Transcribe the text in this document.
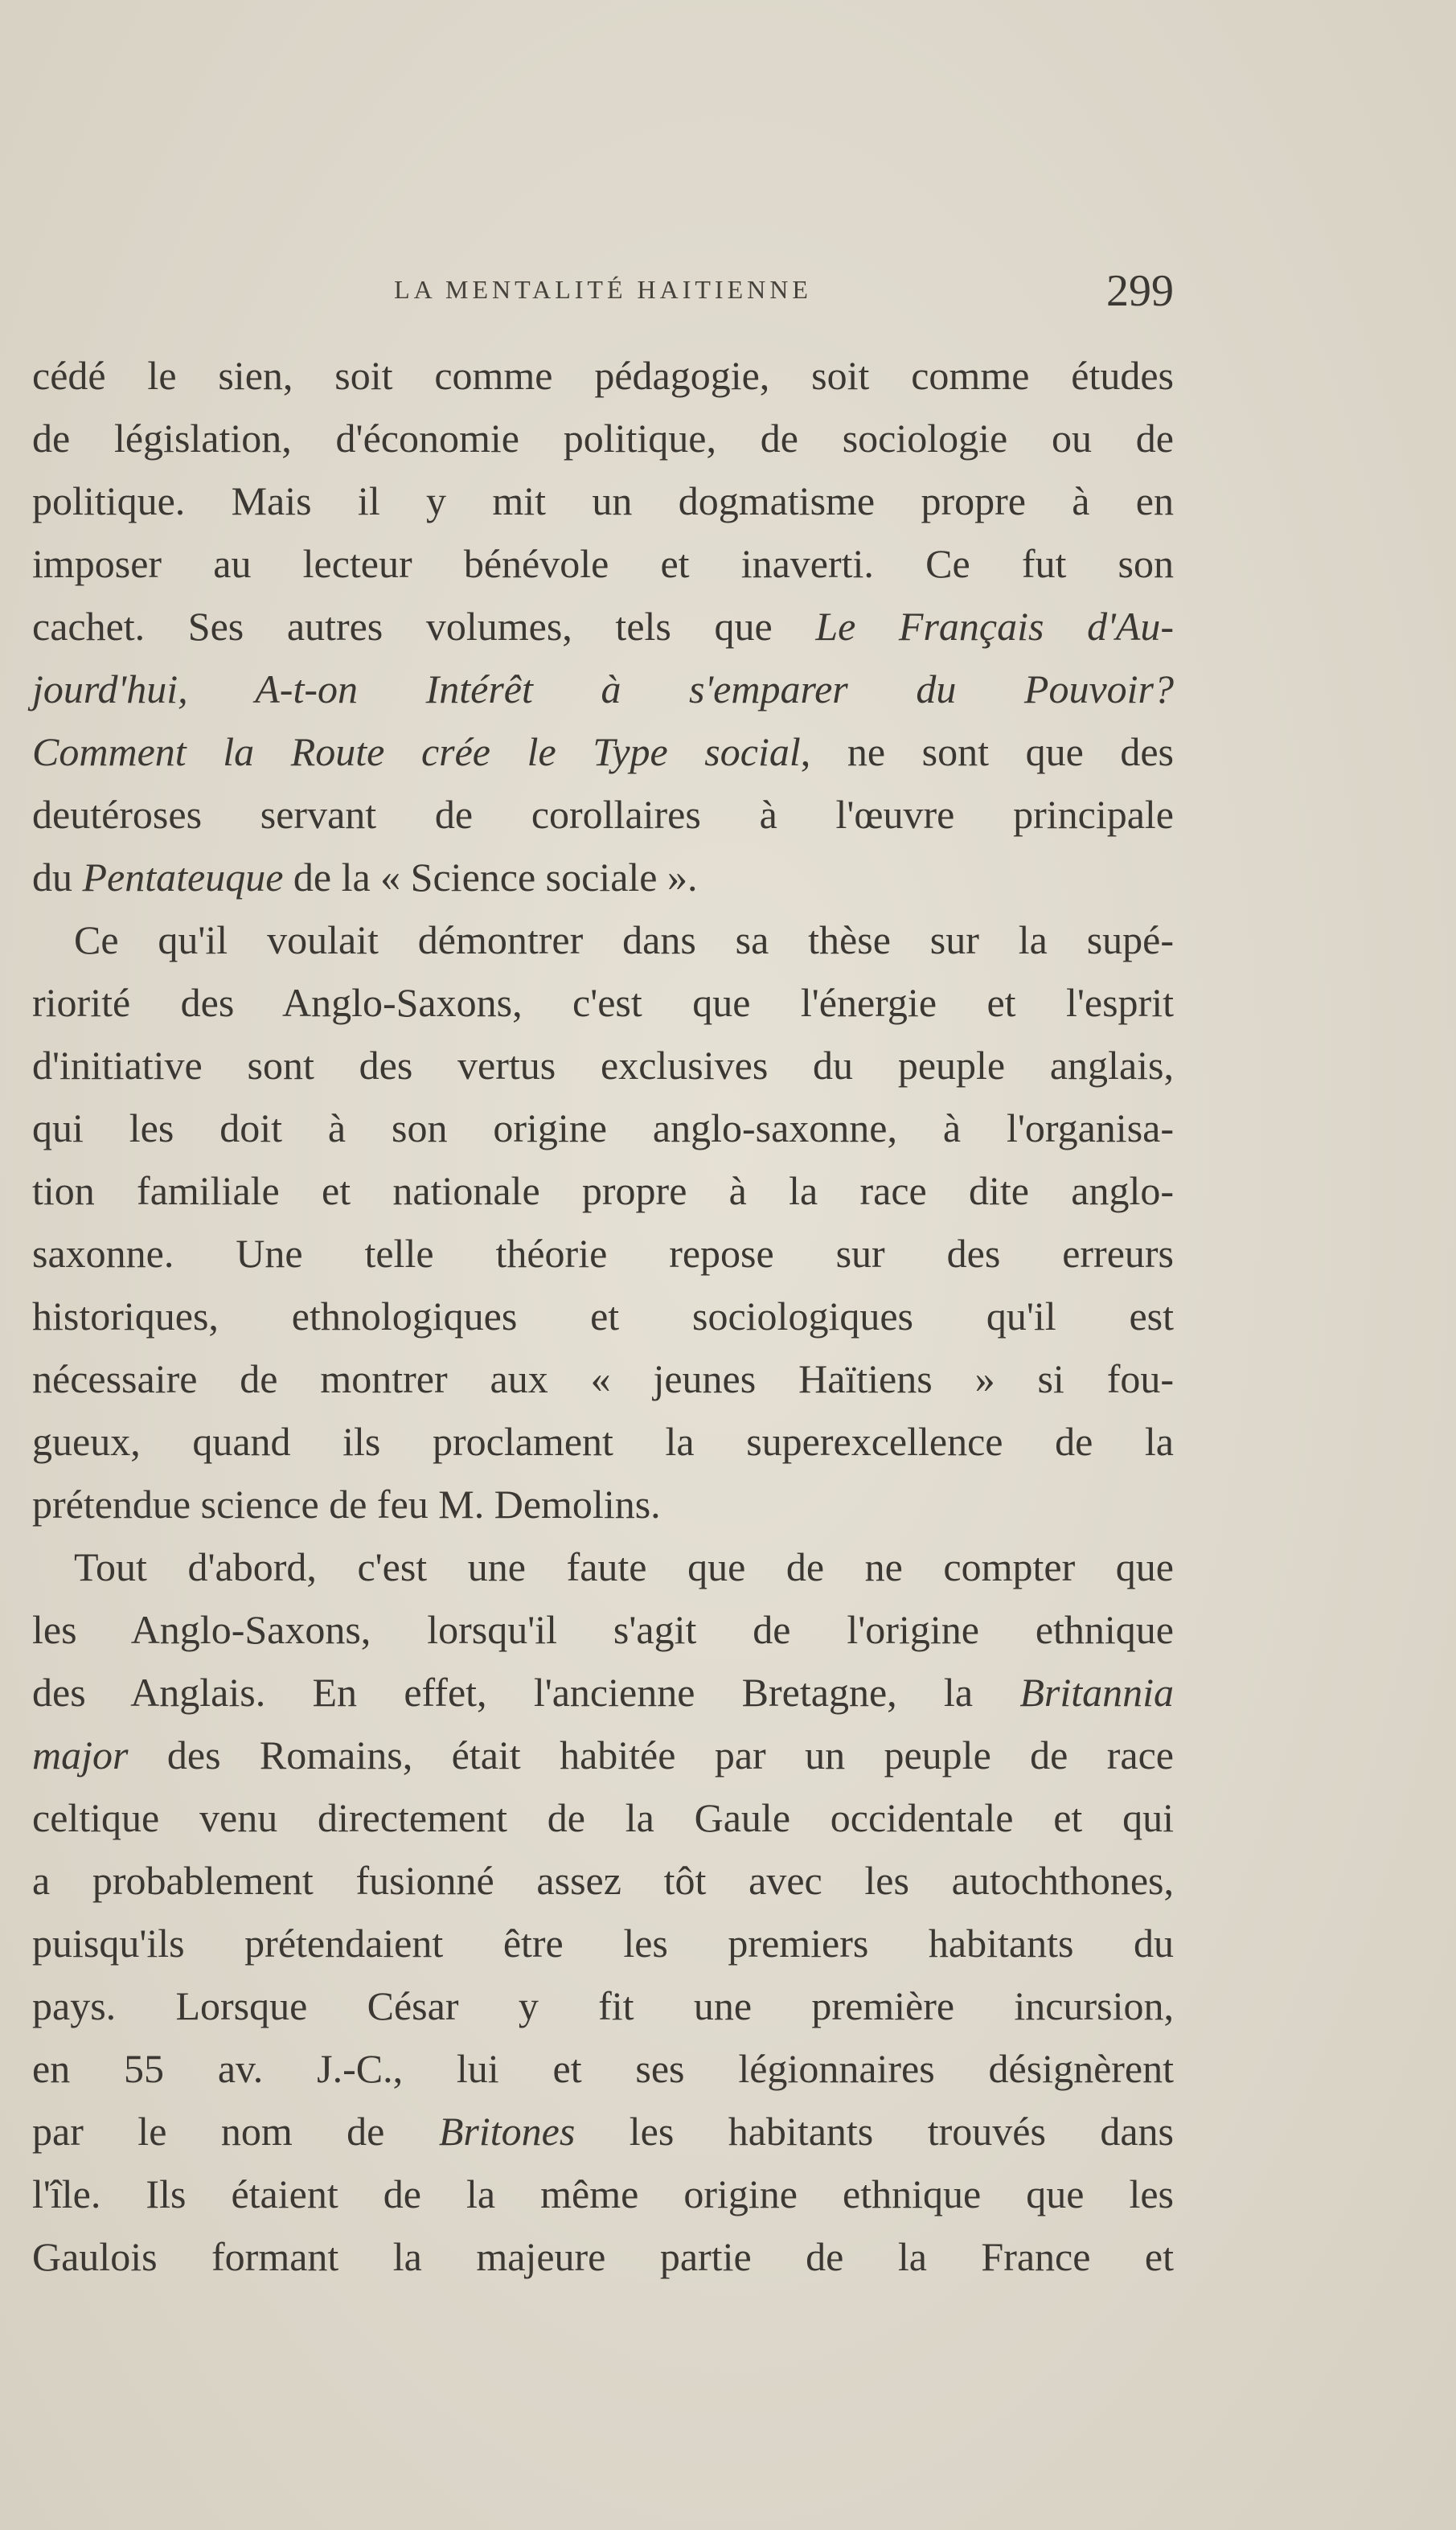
LA MENTALITÉ HAITIENNE	299
cédé le sien, soit comme pédagogie, soit comme études
de législation, d'économie politique, de sociologie ou de
politique. Mais il y mit un dogmatisme propre à en
imposer au lecteur bénévole et inaverti. Ce fut son
cachet. Ses autres volumes, tels que Le Français d'Au-
jourd'hui, A-t-on Intérêt à s'emparer du Pouvoir?
Comment la Route crée le Type social, ne sont que des
deutéroses servant de corollaires à l'œuvre principale
du Pentateuque de la « Science sociale ».
Ce qu'il voulait démontrer dans sa thèse sur la supé-
riorité des Anglo-Saxons, c'est que l'énergie et l'esprit
d'initiative sont des vertus exclusives du peuple anglais,
qui les doit à son origine anglo-saxonne, à l'organisa-
tion familiale et nationale propre à la race dite anglo-
saxonne. Une telle théorie repose sur des erreurs
historiques, ethnologiques et sociologiques qu'il est
nécessaire de montrer aux « jeunes Haïtiens » si fou-
gueux, quand ils proclament la superexcellence de la
prétendue science de feu M. Demolins.
Tout d'abord, c'est une faute que de ne compter que
les Anglo-Saxons, lorsqu'il s'agit de l'origine ethnique
des Anglais. En effet, l'ancienne Bretagne, la Britannia
major des Romains, était habitée par un peuple de race
celtique venu directement de la Gaule occidentale et qui
a probablement fusionné assez tôt avec les autochthones,
puisqu'ils prétendaient être les premiers habitants du
pays. Lorsque César y fit une première incursion,
en 55 av. J.-C., lui et ses légionnaires désignèrent
par le nom de Britones les habitants trouvés dans
l'île. Ils étaient de la même origine ethnique que les
Gaulois formant la majeure partie de la France et
